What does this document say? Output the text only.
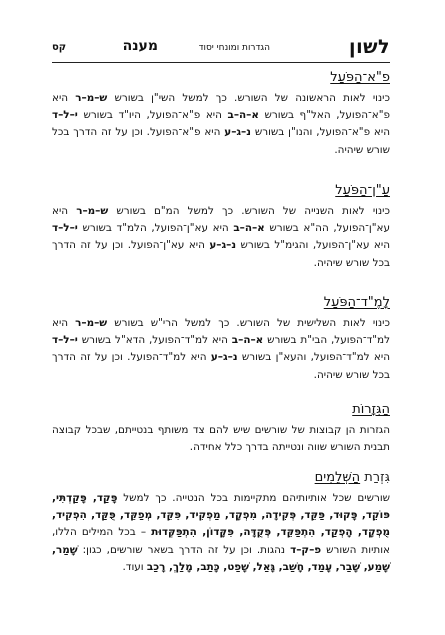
לשון
הגדרות ומונחי יסוד
מענה
קס
פ"א־הַפֹּעַל

כינוי לאות הראשונה של השורש. כך למשל השי"ן בשורש ש–מ–ר היא פ"א־הפועל, האל"ף בשורש א–ה–ב היא פ"א־הפועל, היו"ד בשורש י–ל–ד היא פ"א־הפועל, והנו"ן בשורש נ–ג–ע היא פ"א־הפועל. וכן על זה הדרך בכל שורש שיהיה.

עַ"ן־הַפֹּעַל

כינוי לאות השנייה של השורש. כך למשל המ"ם בשורש ש–מ–ר היא עא"ן־הפועל, הה"א בשורש א–ה–ב היא עא"ן־הפועל, הלמ"ד בשורש י–ל–ד היא עא"ן־הפועל, והגימ"ל בשורש נ–ג–ע היא עא"ן־הפועל. וכן על זה הדרך בכל שורש שיהיה.

לָמֶ"ד־הַפֹּעַל

כינוי לאות השלישית של השורש. כך למשל הרי"ש בשורש ש–מ–ר היא למ"ד־הפועל, הבי"ת בשורש א–ה–ב היא למ"ד־הפועל, הדא"ל בשורש י–ל–ד היא למ"ד־הפועל, והעא"ן בשורש נ–ג–ע היא למ"ד־הפועל. וכן על זה הדרך בכל שורש שיהיה.

הַגִּזָרוֹת

הגזרות הן קבוצות של שורשים שיש להם צד משותף בנטייתם, שבכל קבוצה תבנית השורש שווה ונטייתה בדרך כלל אחידה.

גִּזְרַת הַשְּׁלֵמִים

שורשים שכל אותיותיהם מתקיימות בכל הנטייה. כך למשל פָּקַד, פָּקַדְתִּי, פּוֹקֵד, פָּקוּד, פַּקֵּד, פְּקִידָה, מִפְקָד, מַפְקִיד, פִּקֵּד, מְפַקֵּד, פֻּקַּד, הִפְקִיד, מֻפְקָד, הָפְקַד, הִתְפַּקֵּד, פְּקֻדָּה, פִּקָּדוֹן, הִתְפַּקְּדוּת – בכל המילים הללו, אותיות השורש פ–ק–ד נהגות. וכן על זה הדרך בשאר שורשים, כגון: שָׁמַר, שָׁמַע, שָׁבַר, עָמַד, חָשַׁב, גָּאַל, שָׁפַט, כָּתַב, מָלַךְ, רָכַב ועוד.
